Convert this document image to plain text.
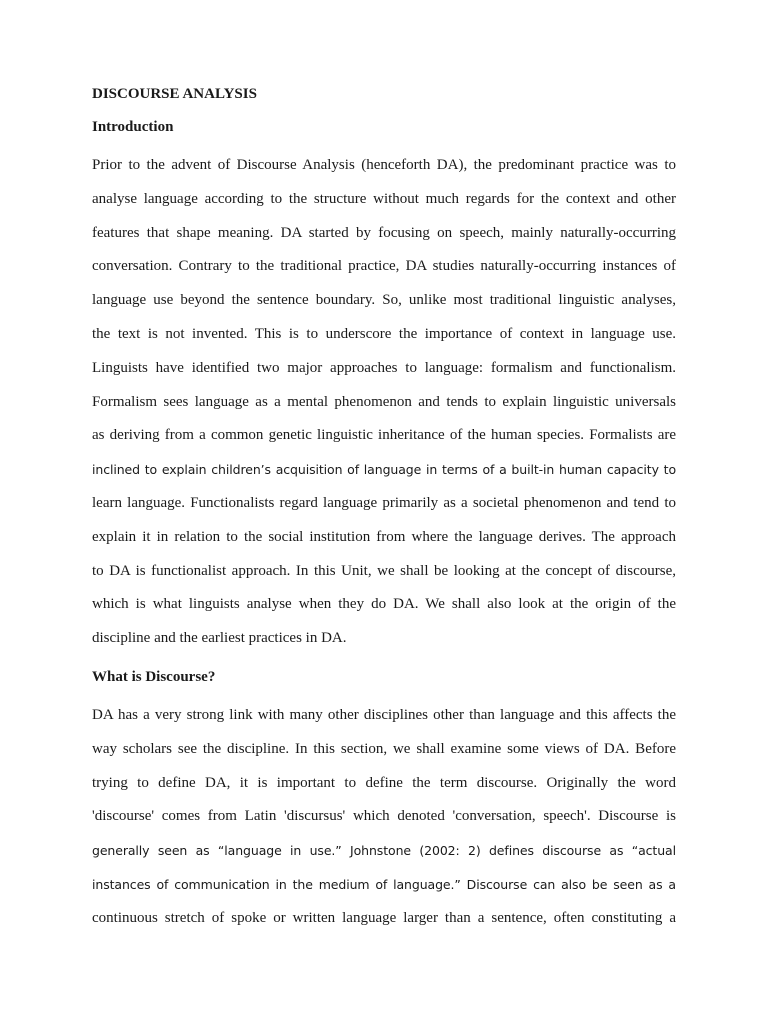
DISCOURSE ANALYSIS
Introduction
Prior to the advent of Discourse Analysis (henceforth DA), the predominant practice was to
analyse language according to the structure without much regards for the context and other
features that shape meaning. DA started by focusing on speech, mainly naturally-occurring
conversation. Contrary to the traditional practice, DA studies naturally-occurring instances of
language use beyond the sentence boundary. So, unlike most traditional linguistic analyses,
the text is not invented. This is to underscore the importance of context in language use.
Linguists have identified two major approaches to language: formalism and functionalism.
Formalism sees language as a mental phenomenon and tends to explain linguistic universals
as deriving from a common genetic linguistic inheritance of the human species. Formalists are
inclined to explain children’s acquisition of language in terms of a built-in human capacity to
learn language. Functionalists regard language primarily as a societal phenomenon and tend to
explain it in relation to the social institution from where the language derives. The approach
to DA is functionalist approach. In this Unit, we shall be looking at the concept of discourse,
which is what linguists analyse when they do DA. We shall also look at the origin of the
discipline and the earliest practices in DA.
What is Discourse?
DA has a very strong link with many other disciplines other than language and this affects the
way scholars see the discipline. In this section, we shall examine some views of DA. Before
trying to define DA, it is important to define the term discourse. Originally the word
'discourse' comes from Latin 'discursus' which denoted 'conversation, speech'. Discourse is
generally seen as “language in use.” Johnstone (2002: 2) defines discourse as “actual
instances of communication in the medium of language.” Discourse can also be seen as a
continuous stretch of spoke or written language larger than a sentence, often constituting a
